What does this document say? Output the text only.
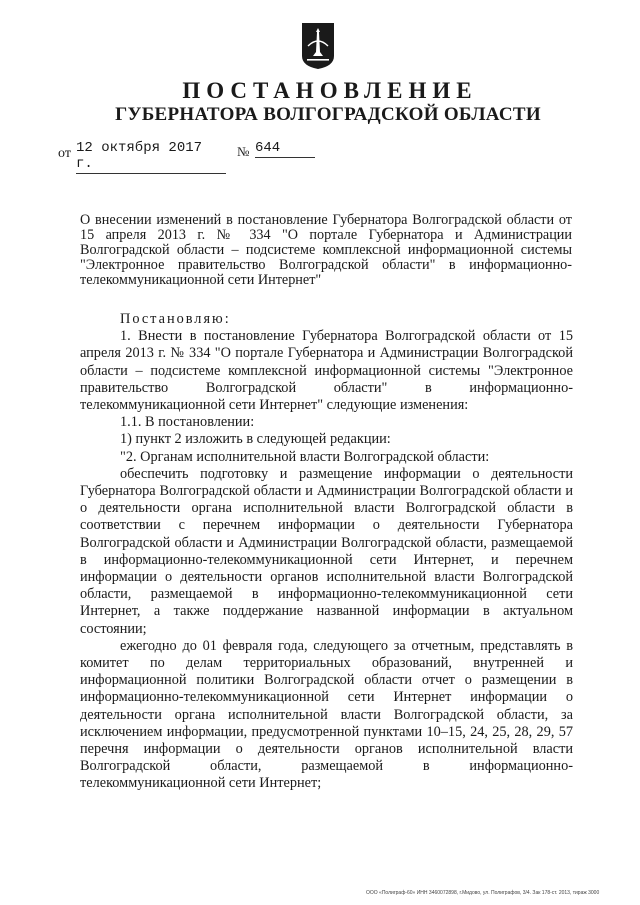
ПОСТАНОВЛЕНИЕ
ГУБЕРНАТОРА ВОЛГОГРАДСКОЙ ОБЛАСТИ
от 12 октября 2017 г.
№ 644
О внесении изменений в постановление Губернатора Волгоградской области от 15 апреля 2013 г. № 334 "О портале Губернатора и Администрации Волгоградской области – подсистеме комплексной информационной системы "Электронное правительство Волгоградской области" в информационно-телекоммуникационной сети Интернет"

Постановляю:

1. Внести в постановление Губернатора Волгоградской области от 15 апреля 2013 г. № 334 "О портале Губернатора и Администрации Волгоградской области – подсистеме комплексной информационной системы "Электронное правительство Волгоградской области" в информационно-телекоммуникационной сети Интернет" следующие изменения:

1.1. В постановлении:

1) пункт 2 изложить в следующей редакции:

"2. Органам исполнительной власти Волгоградской области:

обеспечить подготовку и размещение информации о деятельности Губернатора Волгоградской области и Администрации Волгоградской области и о деятельности органа исполнительной власти Волгоградской области в соответствии с перечнем информации о деятельности Губернатора Волгоградской области и Администрации Волгоградской области, размещаемой в информационно-телекоммуникационной сети Интернет, и перечнем информации о деятельности органов исполнительной власти Волгоградской области, размещаемой в информационно-телекоммуникационной сети Интернет, а также поддержание названной информации в актуальном состоянии;

ежегодно до 01 февраля года, следующего за отчетным, представлять в комитет по делам территориальных образований, внутренней и информационной политики Волгоградской области отчет о размещении в информационно-телекоммуникационной сети Интернет информации о деятельности органа исполнительной власти Волгоградской области, за исключением информации, предусмотренной пунктами 10–15, 24, 25, 28, 29, 57 перечня информации о деятельности органов исполнительной власти Волгоградской области, размещаемой в информационно-телекоммуникационной сети Интернет;

ООО «Полиграф-60» ИНН 3460072898, г.Мидово, ул. Полиграфов, 3/4. Зак 178-ст. 2013, тираж 3000
